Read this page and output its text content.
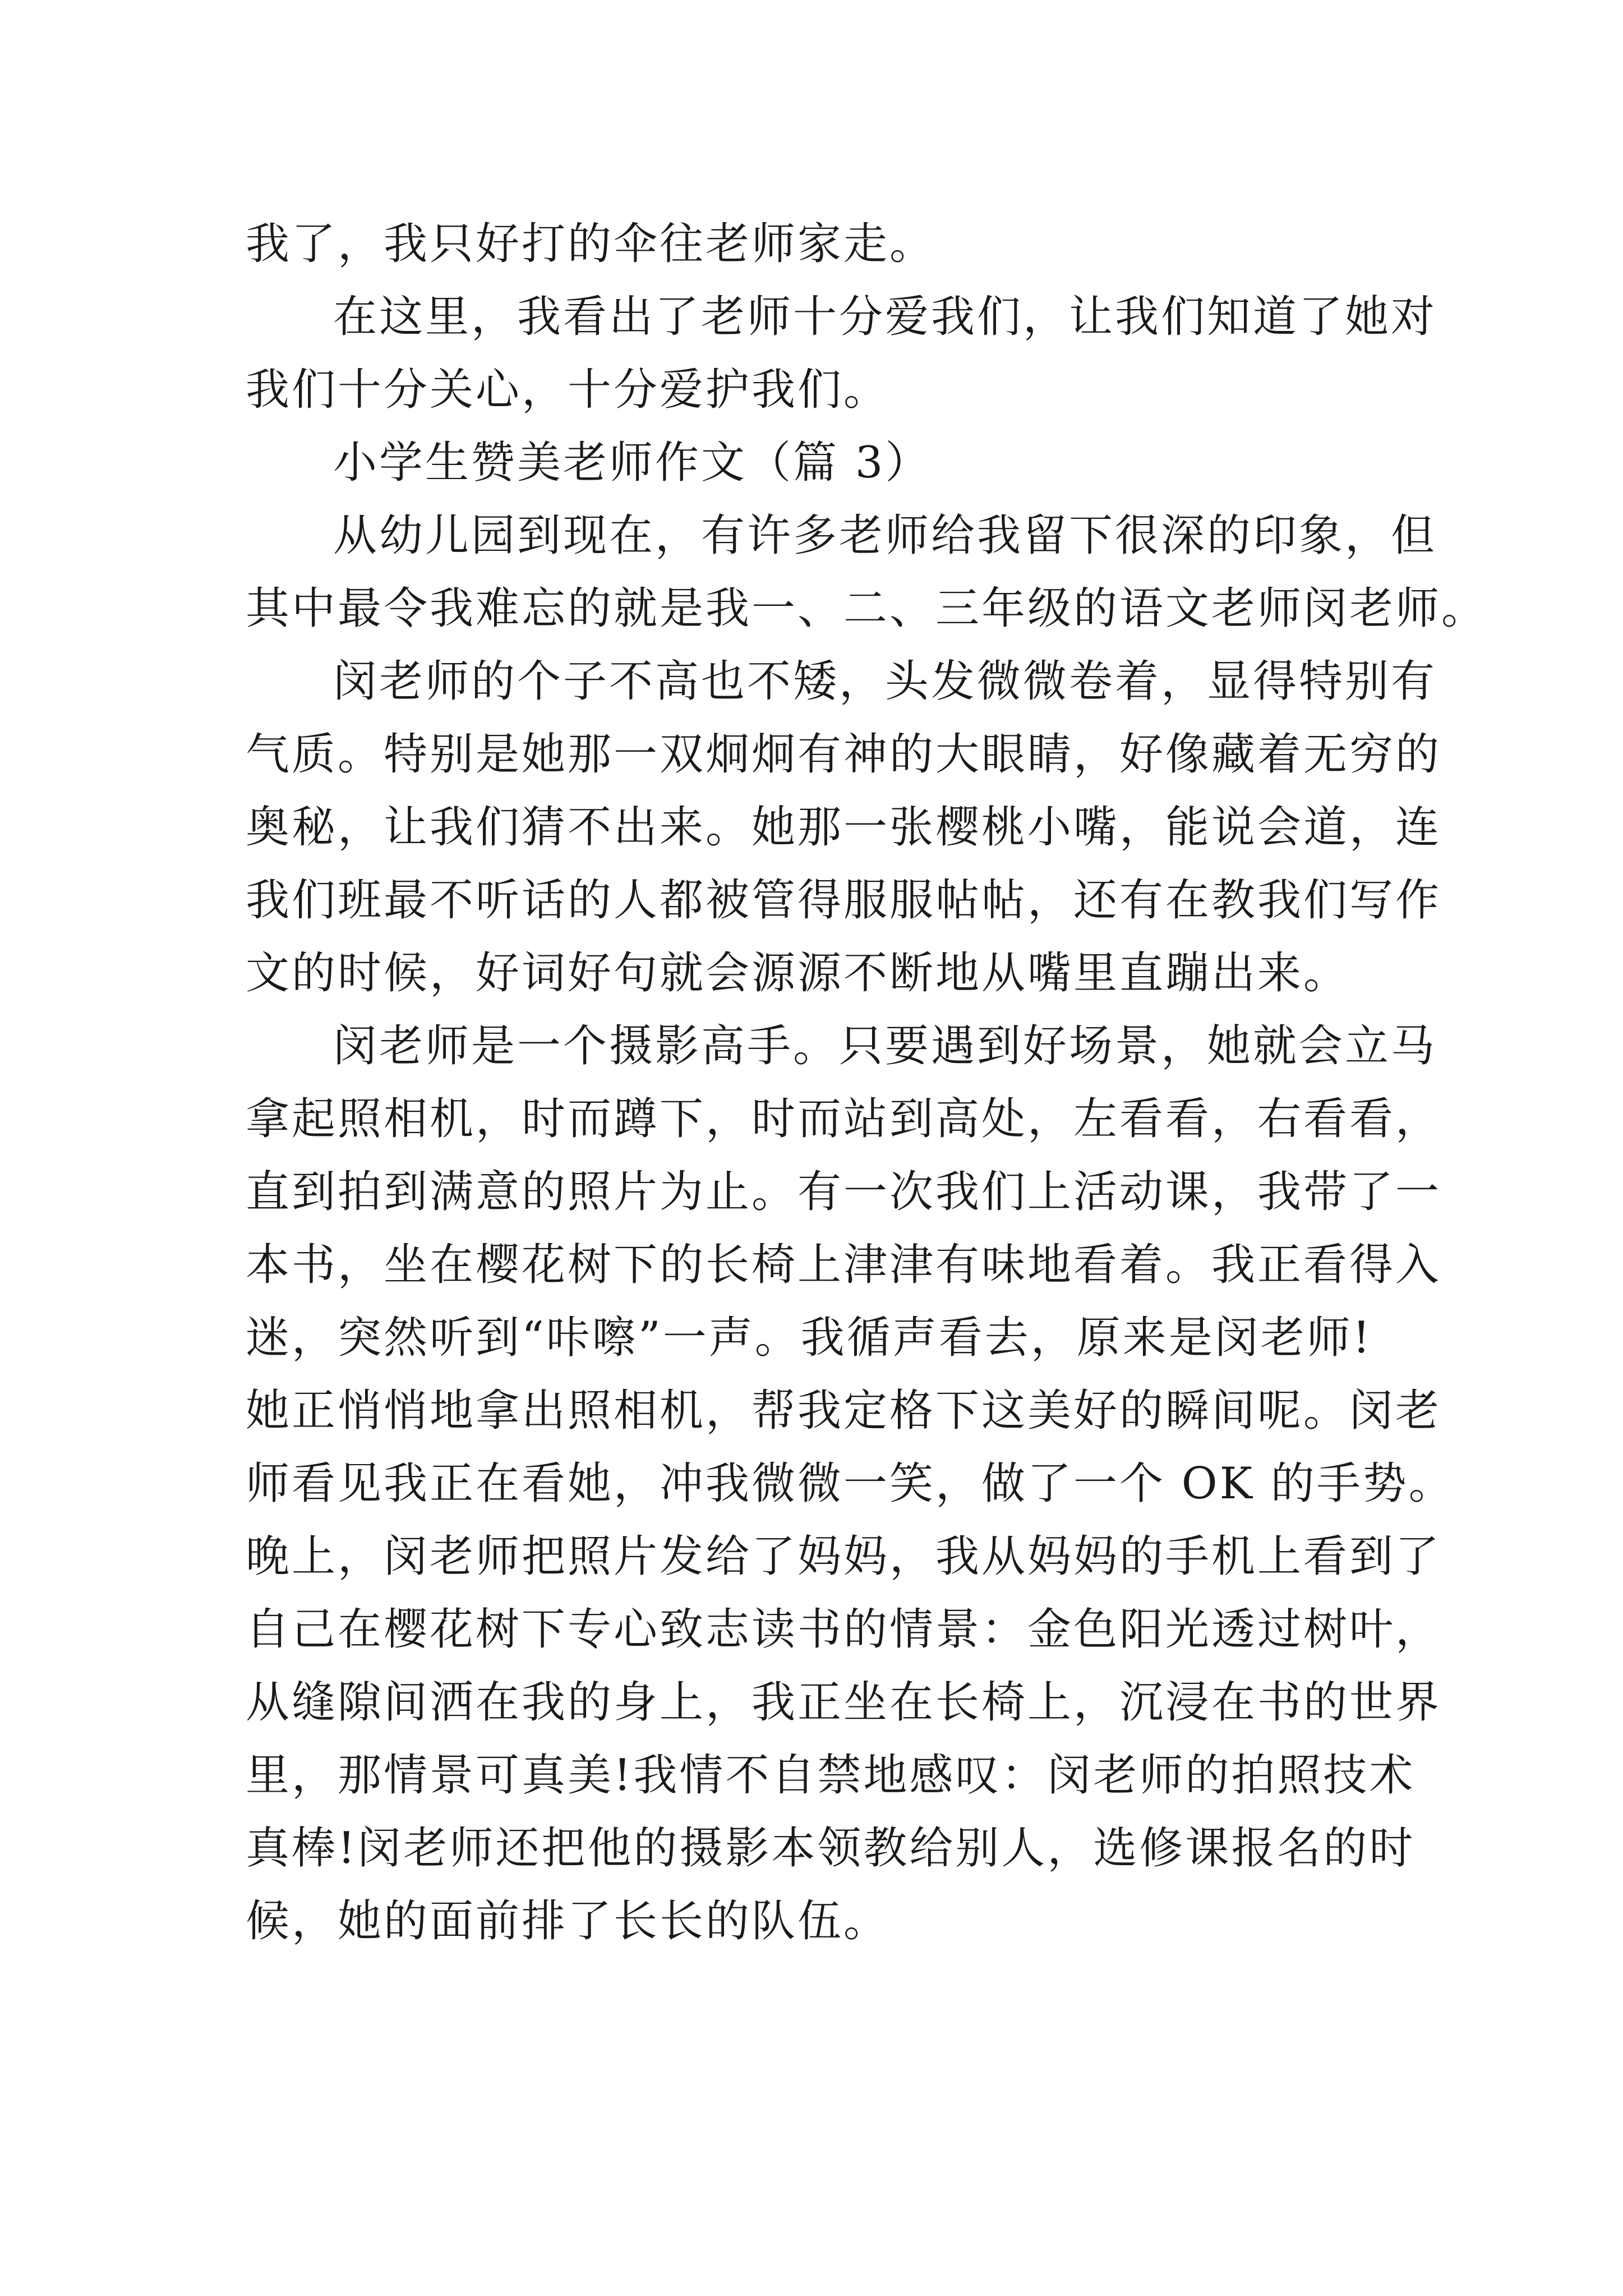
我了，我只好打的伞往老师家走。
在这里，我看出了老师十分爱我们，让我们知道了她对
我们十分关心，十分爱护我们。
小学生赞美老师作文（篇 3）
从幼儿园到现在，有许多老师给我留下很深的印象，但
其中最令我难忘的就是我一、二、三年级的语文老师闵老师。
闵老师的个子不高也不矮，头发微微卷着，显得特别有
气质。特别是她那一双炯炯有神的大眼睛，好像藏着无穷的
奥秘，让我们猜不出来。她那一张樱桃小嘴，能说会道，连
我们班最不听话的人都被管得服服帖帖，还有在教我们写作
文的时候，好词好句就会源源不断地从嘴里直蹦出来。
闵老师是一个摄影高手。只要遇到好场景，她就会立马
拿起照相机，时而蹲下，时而站到高处，左看看，右看看，
直到拍到满意的照片为止。有一次我们上活动课，我带了一
本书，坐在樱花树下的长椅上津津有味地看着。我正看得入
迷，突然听到“咔嚓”一声。我循声看去，原来是闵老师!
她正悄悄地拿出照相机，帮我定格下这美好的瞬间呢。闵老
师看见我正在看她，冲我微微一笑，做了一个 OK 的手势。
晚上，闵老师把照片发给了妈妈，我从妈妈的手机上看到了
自己在樱花树下专心致志读书的情景：金色阳光透过树叶，
从缝隙间洒在我的身上，我正坐在长椅上，沉浸在书的世界
里，那情景可真美!我情不自禁地感叹：闵老师的拍照技术
真棒!闵老师还把他的摄影本领教给别人，选修课报名的时
候，她的面前排了长长的队伍。
